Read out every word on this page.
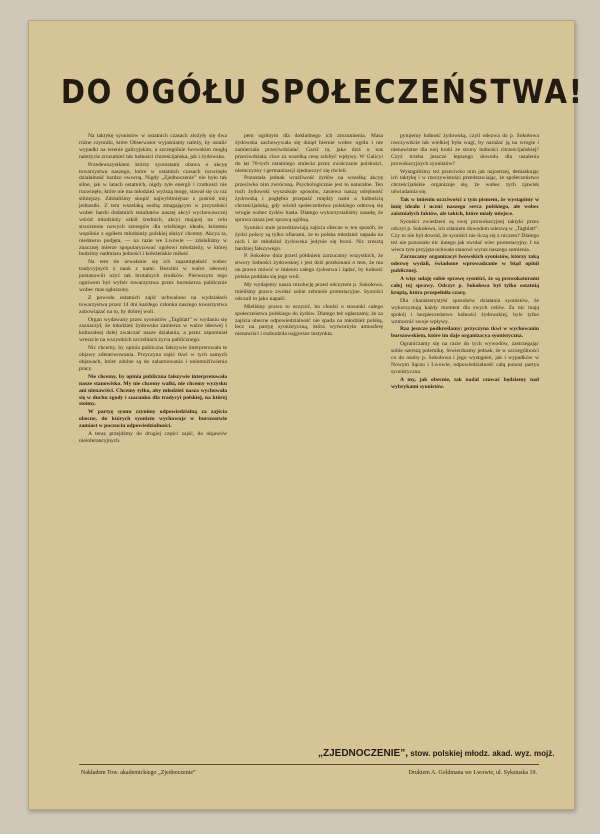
DO OGÓŁU SPOŁECZEŃSTWA!

Na taktykę syonistów w ostatnich czasach złożyły się dwa różne czynniki, które Obserwator wyjaśniamy należy, by ustalić wypadki na terenie galicyjskim, a szczególnie lwowskim mogłą należycie zrozumieć tak ludności chrześcijańska, jak i żydowska.

Przedewszystkiem którzy syonistami obawa o akcyę towarzystwa naszego, które w ostatnich czasach rozwinęło działalność bardzo owocną. Nigdy „Zjednoczenie” nie było tak silne, jak w latach ostatnich, nigdy tyle energii i rzutkości nie rozwinęło, które nie ma młodzież wyższą mogę, stawał się co raz silniejszy. Zdołaliśmy skupić najwybitniejsze z pośród niej jednostki. Z tem wszelaką osobą zmagającym w przyszłości wobec hardo dodatnich rezultatów naszej akcyi wychowawczej wśród młodzieży szkół średnich, akcyi mającej na celu stworzenie nowych szeregów dla wielkiego ideału, któremu wspólnie z ogółem młodzieży polskiej służyć chcemy. Akcya ta, niedawno podjęta, — na razie we Lwowie — zdołaliśmy w znacznej mierze spopularyzować ogółowi młodzieży, w której budzimy nadmiaru jedności i koleżeńskie miłość.

Na tem tle urwałanie się ich zapamiętałość wobec tradycyjnych z nauk z nami. Bezsilni w walce ideowej postanowili użyć tak brutalnych środków. Pierwszym tego ogniwem był wybór towarzystwa przez burmistrza publicznie wobec mas ogłoszony.

Z powodu ostatnich zajść uchwalono na wydziałach towarzystwa przez 14 dni każdego członka naszego towarzystwa zobowiązać na to, by dobrej woli.

Organ wydawany przez syonistów „Tagblatt” w wydaniu się zaznaczył, że młodzież żydowska zamierza w walce ideowej i kulturalnej dalej zwalczać nasze działania, a przez zapomniał wreszcie na wszystkich szczeblach życia publicznego.

Nic chcemy, by opinia publiczna fałszywie interpretowała te objawy zdenerwowania. Przyczyna zajść tkwi w tych samych objawach, które zdolne są do zahamowania i uniemożliwienia pracy.

Nie chcemy, by opinia publiczna fałszywie interpretowała nasze stanowisko. My nie chcemy walki, nie chcemy wyzysku ani nienawiści. Chcemy tylko, aby młodzież nasza wychowała się w duchu zgody i szacunku dla tradycyi polskiej, na której stoimy.

W partyę syonu czynimy odpowiedzialną za zajścia obecne, do których syonizm wychowuje w burszostwie zamiast w poczuciu odpowiedzialności.

A teraz przejdźmy do drugiej części zajść, do objawów nietolerancyjnych.

pem ogólnym dla dokładnego ich zrozumienia. Masa żydowska zachowywała się dotąd biernie wobec ogółu i nie zamierzała przeciwdziałać. Garść ta, jaka dziś u nas przeciwdziała, chce za wszelką cenę zdobyć wpływy. W Galicyi do lat 70-tych ostatniego stulecia przez zwalczanie polskości, niemczyzny i germanizacji zjednoczyć się chcieli.

Pozostała jednak wrażliwość żydów na wszelką akcyę przeciwko nim zwróconą. Psychologicznie jest to naturalne. Ten ruch żydowski wyszukuje sposobu, zasiewa naszą odrębność żydowską i pogłębia przepaść między nami a ludnością chrześcijańską, gdy wśród społeczeństwa polskiego odezwą się wrogie wobec żydów hasła. Dlatego wykorzystaliśmy zasadę, że sprawa nasza jest sprawą ogólną.

Syoniści stale przedstawiają zajścia obecne w ten sposób, że żydzi polscy są tylko ofiarami, że to polska młodzież napada na nich i że młodzież żydowska jedynie się broni. Nic zresztą bardziej fałszywego.

P. Sokołow dnia przed półdniem zarzucamy wszystkich, że stwory ludności żydowskiej i jest dziś przekonani o tem, że ma on prawo mówić w imieniu całego żydostwa i żądać, by ludność polska poddała się jego woli.

My wydajemy nasza rezolucję przed odczytem p. Sokołowa, mieliśmy prawo zwołać sobie zebranie protestacyjne. Syoniści odczuli to jako napaść.

Mieliśmy prawo to uczynić, bo chodzi o stosunki całego społeczeństwa polskiego do żydów. Dlatego też ogłaszamy, że za zajścia obecne odpowiedzialność nie spada na młodzież polską, lecz na partyę syonistyczną, która wytworzyła atmosferę nienawiści i rozbudziła najgorsze instynkta.

pytujemy ludność żydowską, czyli odezwa do p. Sokołowa rzeczywiście tak wielkiej była wagi, by narażać ją na wrogie i nienawistne dla niej kroki ze strony ludności chrześcijańskiej? Czyż trzeba jeszcze lepszego dowodu dla ustalenia prowokacyjnych syonistów?

Wystąpiliśmy też przeciwko nim jak najostrzej, demaskując ich taktykę i w rzeczywistości przedstawiając, że społeczeństwo chrześcijańskie organizuje się, że wobec tych zjawisk uświadamia się.

Tak w imieniu uczciwości z tym pismem, że wystąpimy w imię ideału i uczuć naszego serca polskiego, ale wobec zaistniałych faktów, ale takich, które miały miejsce.

Syoniści zwiedzeni są swej prowokacyjnej taktyki przez odczyt p. Sokołowa, ich zdaniem dowodem odezwą w „Tagblatt”. Czy to nie był dowód, że syoniści nie liczą się z niczem? Dlatego też nie pozostało nic innego jak zwołać wiec protestacyjny. I na wiecu tym przyjęta uchwała stanowi wyraz naszego sumienia.

Zarzucamy organizacyi lwowskich syonistów, którzy taką odezwę wydali, świadome wprowadzanie w błąd opinii publicznej.

A więc udaję sobie sprawę syoniści, że są prowokatorami całej tej sprawy. Odczyt p. Sokołowa był tylko ostatnią kroplą, która przepełniła czarę.

Dla charakterystyki sposobów działania syonistów, że wykorzystują każdy moment dla swych celów. Za nic mają spokój i bezpieczeństwo ludności żydowskiej, byle tylko wzmocnić swoje wpływy.

Raz jeszcze podkreślamy: przyczyna tkwi w wychowaniu burszowskiem, które im daje organizacya syonistyczna.

Ograniczamy się na razie do tych wywodów, zastrzegając sobie szerszą polemikę. Stwierdzamy jednak, że w szczególności co do osoby p. Sokołowa i jego wystąpień, jak i wypadków w Nowym Sączu i Lwowie, odpowiedzialność całą ponosi partya syonistyczna.

A my, jak obecnie, tak nadal czuwać będziemy nad wybrykami syonistów.

„ZJEDNOCZENIE”, stow. polskiej młodz. akad. wyz. mojż.
Nakładem Tow. akademickiego „Zjednoczenie”	Drukiem A. Goldmana we Lwowie, ul. Sykstuska 19.
